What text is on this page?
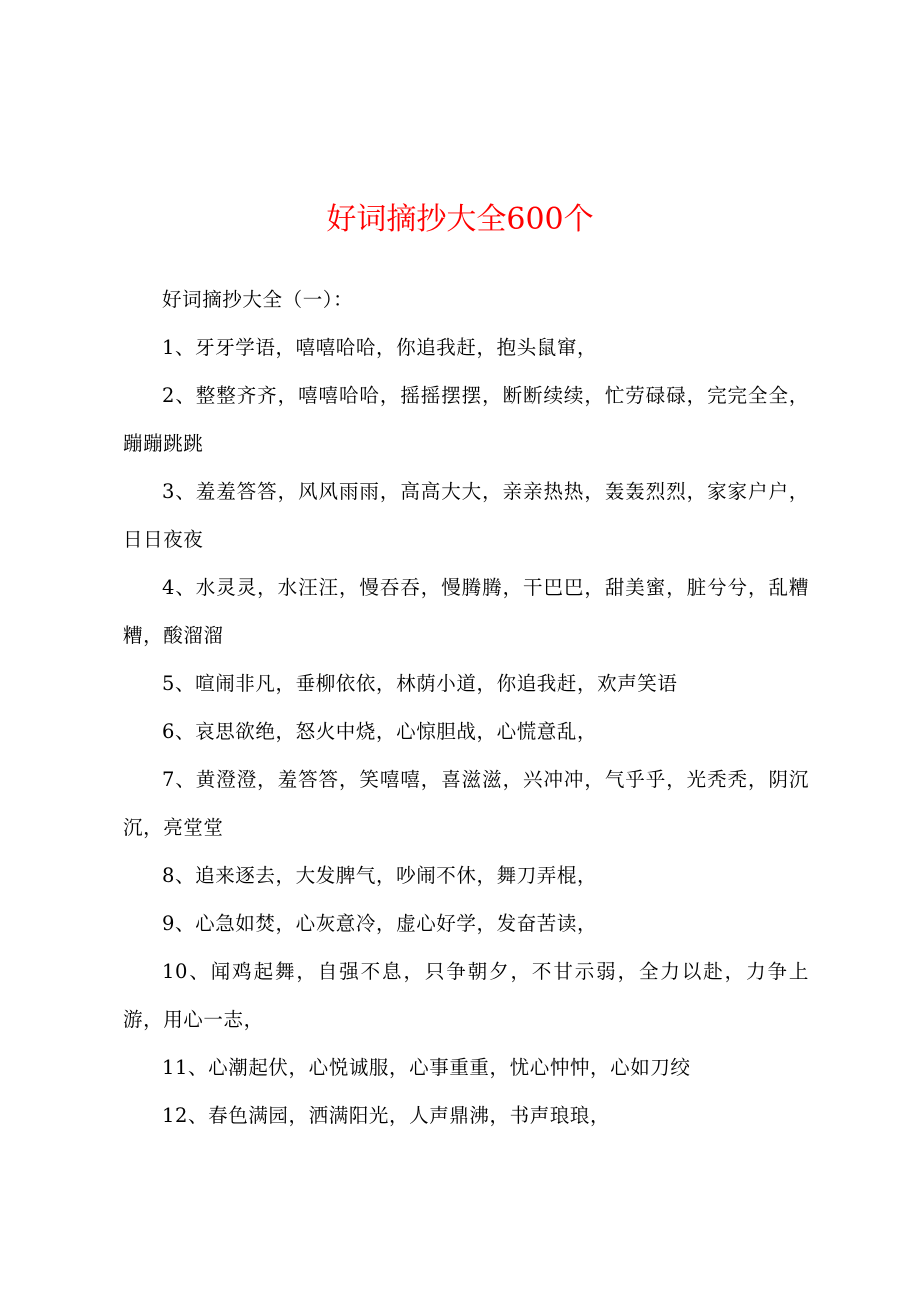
好词摘抄大全600个

好词摘抄大全（一）：

1、牙牙学语，嘻嘻哈哈，你追我赶，抱头鼠窜，

2、整整齐齐，嘻嘻哈哈，摇摇摆摆，断断续续，忙劳碌碌，完完全全，蹦蹦跳跳

3、羞羞答答，风风雨雨，高高大大，亲亲热热，轰轰烈烈，家家户户，日日夜夜

4、水灵灵，水汪汪，慢吞吞，慢腾腾，干巴巴，甜美蜜，脏兮兮，乱糟糟，酸溜溜

5、喧闹非凡，垂柳依依，林荫小道，你追我赶，欢声笑语

6、哀思欲绝，怒火中烧，心惊胆战，心慌意乱，

7、黄澄澄，羞答答，笑嘻嘻，喜滋滋，兴冲冲，气乎乎，光秃秃，阴沉沉，亮堂堂

8、追来逐去，大发脾气，吵闹不休，舞刀弄棍，

9、心急如焚，心灰意冷，虚心好学，发奋苦读，

10、闻鸡起舞，自强不息，只争朝夕，不甘示弱，全力以赴，力争上游，用心一志，

11、心潮起伏，心悦诚服，心事重重，忧心忡忡，心如刀绞

12、春色满园，洒满阳光，人声鼎沸，书声琅琅，
